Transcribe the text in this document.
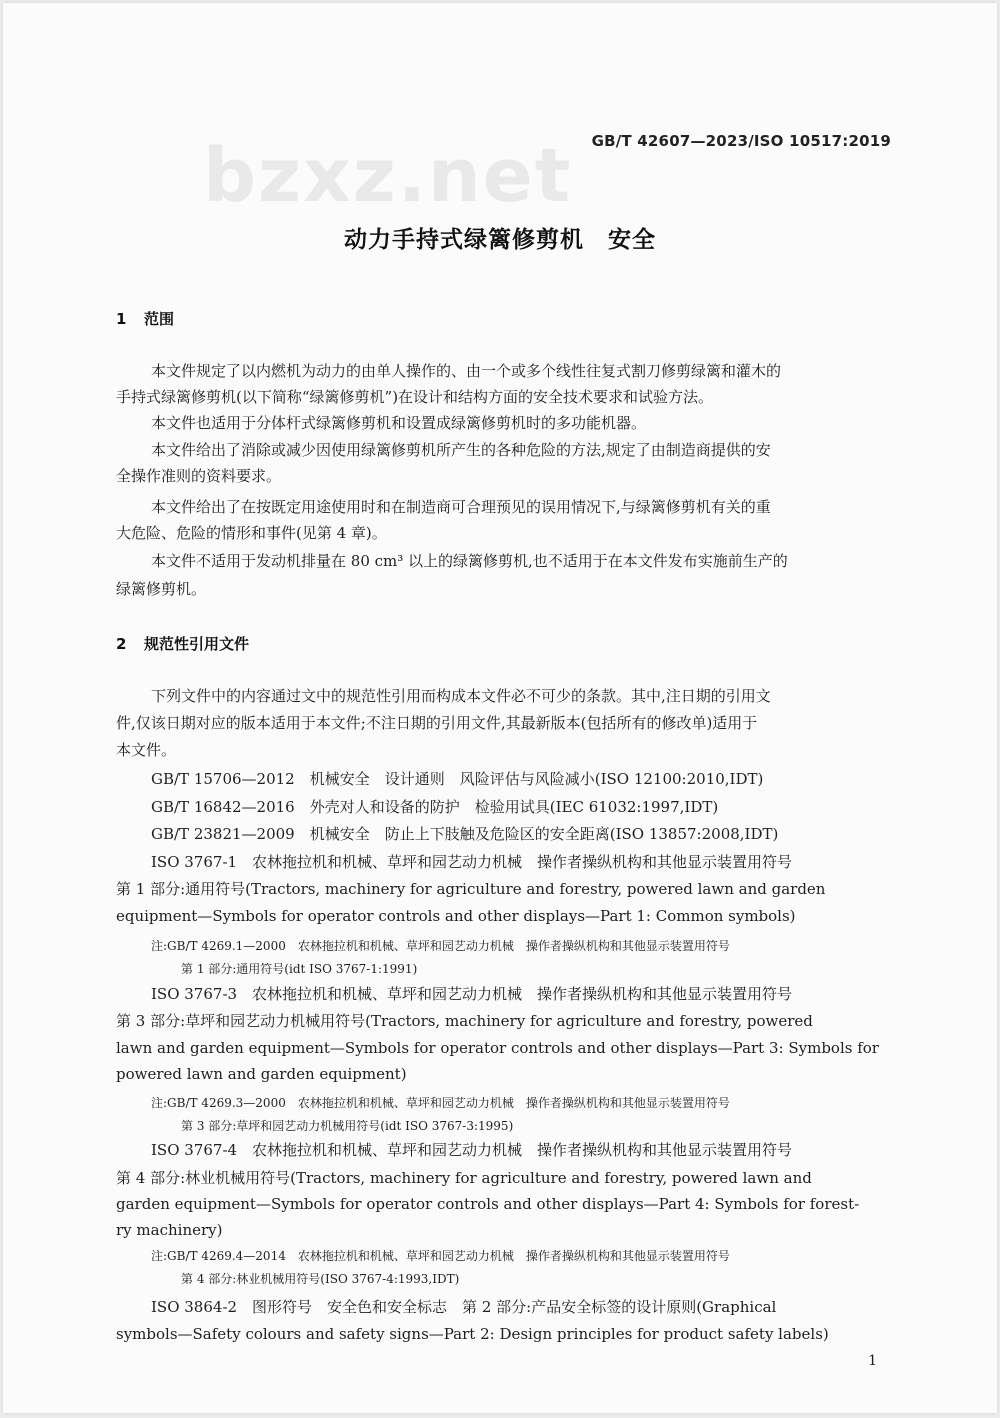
bzxz.net GB/T 42607—2023/ISO 10517:2019
动力手持式绿篱修剪机　安全
1 范围
本文件规定了以内燃机为动力的由单人操作的、由一个或多个线性往复式割刀修剪绿篱和灌木的
手持式绿篱修剪机(以下简称“绿篱修剪机”)在设计和结构方面的安全技术要求和试验方法。
本文件也适用于分体杆式绿篱修剪机和设置成绿篱修剪机时的多功能机器。
本文件给出了消除或减少因使用绿篱修剪机所产生的各种危险的方法,规定了由制造商提供的安
全操作准则的资料要求。
本文件给出了在按既定用途使用时和在制造商可合理预见的误用情况下,与绿篱修剪机有关的重
大危险、危险的情形和事件(见第 4 章)。
本文件不适用于发动机排量在 80 cm³ 以上的绿篱修剪机,也不适用于在本文件发布实施前生产的
绿篱修剪机。
2 规范性引用文件
下列文件中的内容通过文中的规范性引用而构成本文件必不可少的条款。其中,注日期的引用文
件,仅该日期对应的版本适用于本文件;不注日期的引用文件,其最新版本(包括所有的修改单)适用于
本文件。
GB/T 15706—2012　机械安全　设计通则　风险评估与风险减小(ISO 12100:2010,IDT)
GB/T 16842—2016　外壳对人和设备的防护　检验用试具(IEC 61032:1997,IDT)
GB/T 23821—2009　机械安全　防止上下肢触及危险区的安全距离(ISO 13857:2008,IDT)
ISO 3767-1　农林拖拉机和机械、草坪和园艺动力机械　操作者操纵机构和其他显示装置用符号
第 1 部分:通用符号(Tractors, machinery for agriculture and forestry, powered lawn and garden
equipment—Symbols for operator controls and other displays—Part 1: Common symbols)
注:GB/T 4269.1—2000　农林拖拉机和机械、草坪和园艺动力机械　操作者操纵机构和其他显示装置用符号
第 1 部分:通用符号(idt ISO 3767-1:1991)
ISO 3767-3　农林拖拉机和机械、草坪和园艺动力机械　操作者操纵机构和其他显示装置用符号
第 3 部分:草坪和园艺动力机械用符号(Tractors, machinery for agriculture and forestry, powered
lawn and garden equipment—Symbols for operator controls and other displays—Part 3: Symbols for
powered lawn and garden equipment)
注:GB/T 4269.3—2000　农林拖拉机和机械、草坪和园艺动力机械　操作者操纵机构和其他显示装置用符号
第 3 部分:草坪和园艺动力机械用符号(idt ISO 3767-3:1995)
ISO 3767-4　农林拖拉机和机械、草坪和园艺动力机械　操作者操纵机构和其他显示装置用符号
第 4 部分:林业机械用符号(Tractors, machinery for agriculture and forestry, powered lawn and
garden equipment—Symbols for operator controls and other displays—Part 4: Symbols for forest-
ry machinery)
注:GB/T 4269.4—2014　农林拖拉机和机械、草坪和园艺动力机械　操作者操纵机构和其他显示装置用符号
第 4 部分:林业机械用符号(ISO 3767-4:1993,IDT)
ISO 3864-2　图形符号　安全色和安全标志　第 2 部分:产品安全标签的设计原则(Graphical
symbols—Safety colours and safety signs—Part 2: Design principles for product safety labels)
1
